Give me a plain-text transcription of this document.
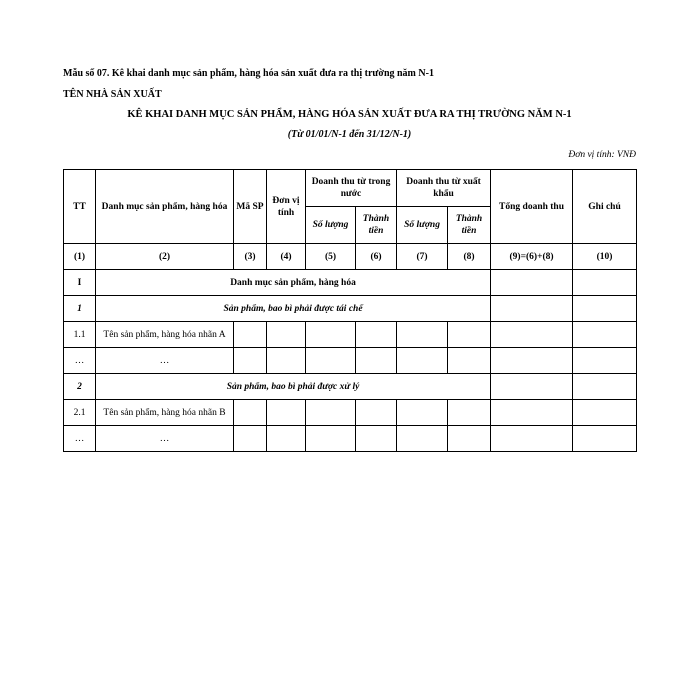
Mẫu số 07. Kê khai danh mục sản phẩm, hàng hóa sản xuất đưa ra thị trường năm N-1
TÊN NHÀ SẢN XUẤT
KÊ KHAI DANH MỤC SẢN PHẨM, HÀNG HÓA SẢN XUẤT ĐƯA RA THỊ TRƯỜNG NĂM N-1
(Từ 01/01/N-1 đến 31/12/N-1)
Đơn vị tính: VNĐ
TT	Danh mục sản phẩm, hàng hóa	Mã SP	Đơn vị tính	Doanh thu từ trong nước		Doanh thu từ xuất khẩu		Tổng doanh thu	Ghi chú
				Số lượng	Thành tiền	Số lượng	Thành tiền		
(1)	(2)	(3)	(4)	(5)	(6)	(7)	(8)	(9)=(6)+(8)	(10)
I	Danh mục sản phẩm, hàng hóa								
1	Sản phẩm, bao bì phải được tái chế								
1.1	Tên sản phẩm, hàng hóa nhãn A								
…	…								
2	Sản phẩm, bao bì phải được xử lý								
2.1	Tên sản phẩm, hàng hóa nhãn B								
…	…								
